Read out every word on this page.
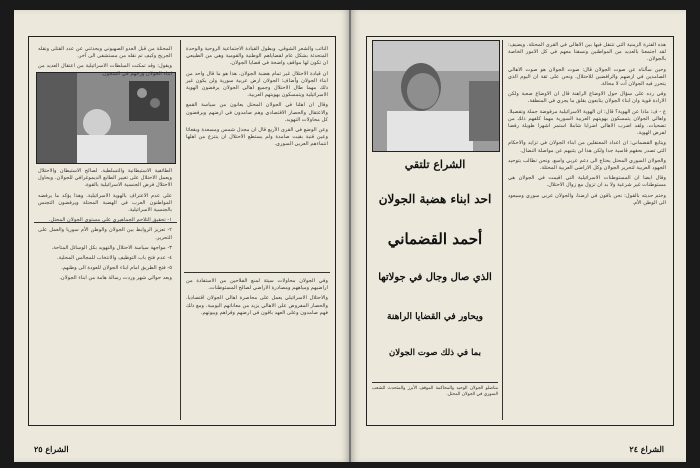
المحتلة من قبل العدو الصهيوني ويحدثني عن عدد القتلى ونقله الجريح وكيف تم نقله من مستشفى الى آخر.

ويقول: وقد تمكنت السلطات الاسرائيلية من اعتقال العديد من ابناء الجولان وزجهم في السجون.

الطائفية الاستيطانية والتسلطية. لصالح الاستيطان والاحتلال ويعمل الاحتلال على تغيير الطابع الديموغرافي للجولان. ويحاول الاحتلال فرض الجنسية الاسرائيلية بالقوة.

على عدم الاعتراف بالهوية الاسرائيلية. وهذا يؤكد ما يرفضه المواطنون العرب في الهضبة المحتلة ويرفضون التجنس بالجنسية الاسرائيلية.

١- تحقيق التلاحم الجماهيري على مستوى الجولان المحتل.

٢- تعزيز الروابط بين الجولان والوطن الأم سوريا والعمل على التحرير.

٣- مواجهة سياسة الاحتلال والتهويد بكل الوسائل المتاحة.

٤- عدم فتح باب التوظيف والانتخاب للمجالس المحلية.

٥- فتح الطريق امام ابناء الجولان للعودة الى وطنهم.

وبعد حوالي شهر وردت رسالة هامة من ابناء الجولان.

النائب والشعر الشوقي. ويطول القيادة الاجتماعية الروحية والوحدة المتحدثة بشكل عام لقضاياهم الوطنية والقومية وهي من الطبيعي ان تكون لها مواقف واضحة في قضايا الجولان.

ان قيادة الاحتلال غير تمام هضبة الجولان. هذا هو ما قال واحد من ابناء الجولان وأضاف: الجولان ارض عربية سورية ولن يكون غير ذلك مهما طال الاحتلال وجميع اهالي الجولان يرفضون الهوية الاسرائيلية ويتمسكون بهويتهم العربية.

وقال ان اهلنا في الجولان المحتل يعانون من سياسة القمع والاعتقال والحصار الاقتصادي وهم صامدون في ارضهم ويرفضون كل محاولات التهويد.

وعن الوضع في القرى الأربع قال ان مجدل شمس ومسعدة وبقعاثا وعين قنية بقيت صامدة ولم يستطع الاحتلال ان ينتزع من اهلها انتماءهم العربي السوري.

وفي الجولان محاولات سيئة لمنع الفلاحين من الاستفادة من اراضيهم ومياههم ومصادرة الاراضي لصالح المستوطنات.

والاحتلال الاسرائيلي يعمل على محاصرة اهالي الجولان اقتصاديا. والحصار المفروض على الاهالي يزيد من معاناتهم اليومية. ومع ذلك فهم صامدون وعلى العهد باقون في ارضهم وقراهم وبيوتهم.

الشراع ٢٥
الشراع تلتقي
احد ابناء هضبة الجولان
أحمد القضماني
الذي صال وجال في جولاتها
ويحاور في القضايا الراهنة
بما في ذلك صوت الجولان
مناضلو الجولان الوحيد والمحاكمة الموقف الأبرز والمتحدث للشعب السوري في الجولان المحتل.

هذه الفترة الزمنية التي تتنقل فيها بين الاهالي في القرى المحتلة. ويضيف: لقد اجتمعنا بالعديد من المواطنين ونسقنا معهم في كل الامور الخاصة بالجولان.

وحين سألناه عن صوت الجولان قال: صوت الجولان هو صوت الاهالي الصامدين في ارضهم والرافضين للاحتلال. ونحن على ثقة ان اليوم الذي يتحرر فيه الجولان آت لا محالة.

وفي رده على سؤال حول الاوضاع الراهنة قال ان الاوضاع صعبة ولكن الارادة قوية وان ابناء الجولان يتابعون بقلق ما يجري في المنطقة.

ع - ف: ماذا عن الهوية؟ قال: ان الهوية الاسرائيلية مرفوضة جملة وتفصيلا. واهالي الجولان يتمسكون بهويتهم العربية السورية مهما كلفهم ذلك من تضحيات. ولقد اضرب الاهالي اضرابا شاملا استمر اشهرا طويلة رفضا لفرض الهوية.

ويتابع القضماني: ان اعداد المعتقلين من ابناء الجولان في تزايد والاحكام التي تصدر بحقهم قاسية جدا ولكن هذا لن يثنيهم عن مواصلة النضال.

والجولان السوري المحتل يحتاج الى دعم عربي واسع. ونحن نطالب بتوحيد الجهود العربية لتحرير الجولان وكل الاراضي العربية المحتلة.

وقال ايضا ان المستوطنات الاسرائيلية التي اقيمت في الجولان هي مستوطنات غير شرعية ولا بد ان تزول مع زوال الاحتلال.

وختم حديثه بالقول: نحن باقون في ارضنا، والجولان عربي سوري وسيعود الى الوطن الأم.

الشراع ٢٤
